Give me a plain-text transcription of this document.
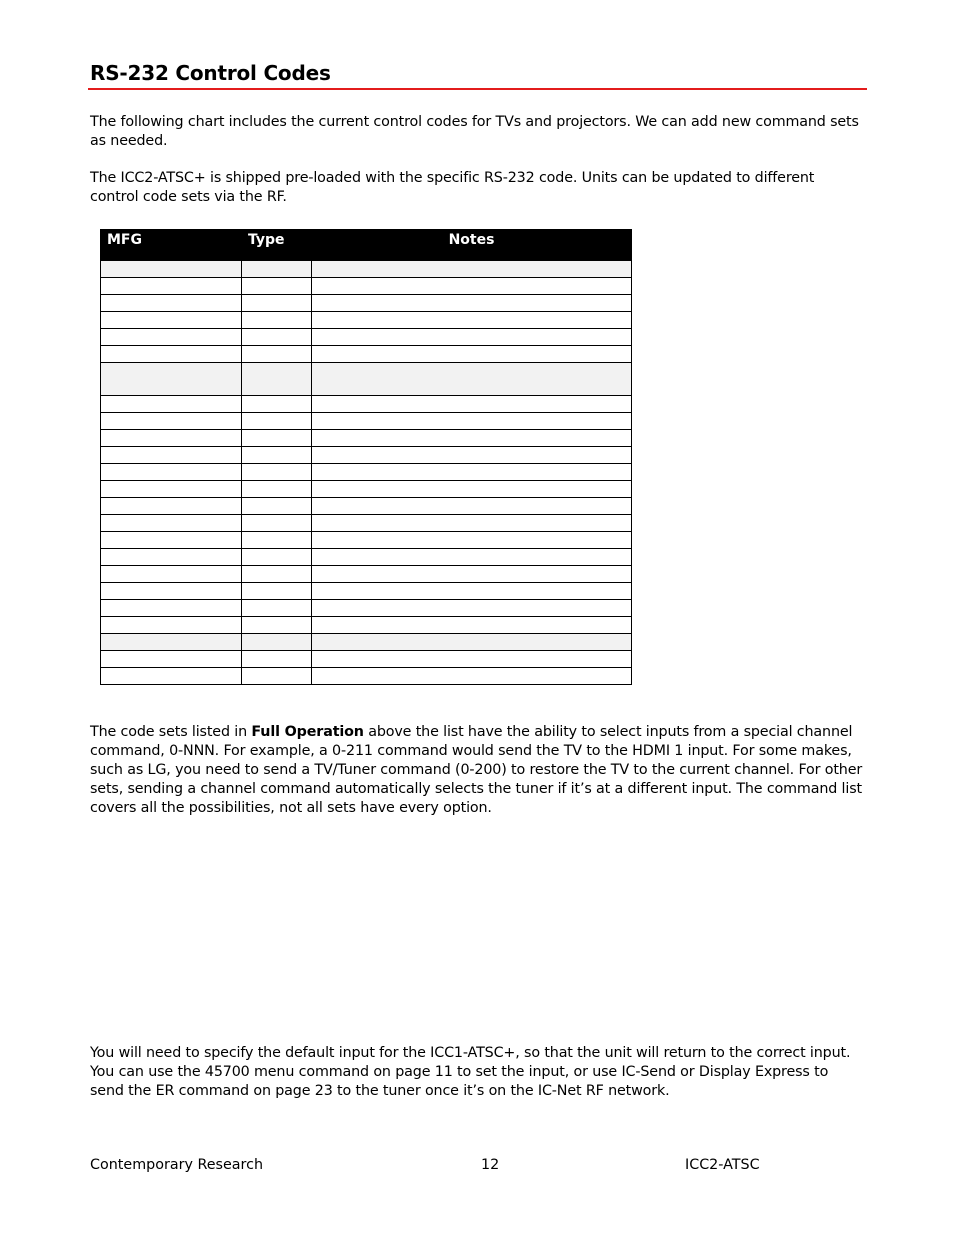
RS-232 Control Codes

The following chart includes the current control codes for TVs and projectors. We can add new command sets as needed.

The ICC2-ATSC+ is shipped pre-loaded with the specific RS-232 code. Units can be updated to different control code sets via the RF.

MFG	Type	Notes

The code sets listed in Full Operation above the list have the ability to select inputs from a special channel command, 0-NNN. For example, a 0-211 command would send the TV to the HDMI 1 input. For some makes, such as LG, you need to send a TV/Tuner command (0-200) to restore the TV to the current channel. For other sets, sending a channel command automatically selects the tuner if it’s at a different input. The command list covers all the possibilities, not all sets have every option.

You will need to specify the default input for the ICC1-ATSC+, so that the unit will return to the correct input. You can use the 45700 menu command on page 11 to set the input, or use IC-Send or Display Express to send the ER command on page 23 to the tuner once it’s on the IC-Net RF network.

Contemporary Research	12	ICC2-ATSC
